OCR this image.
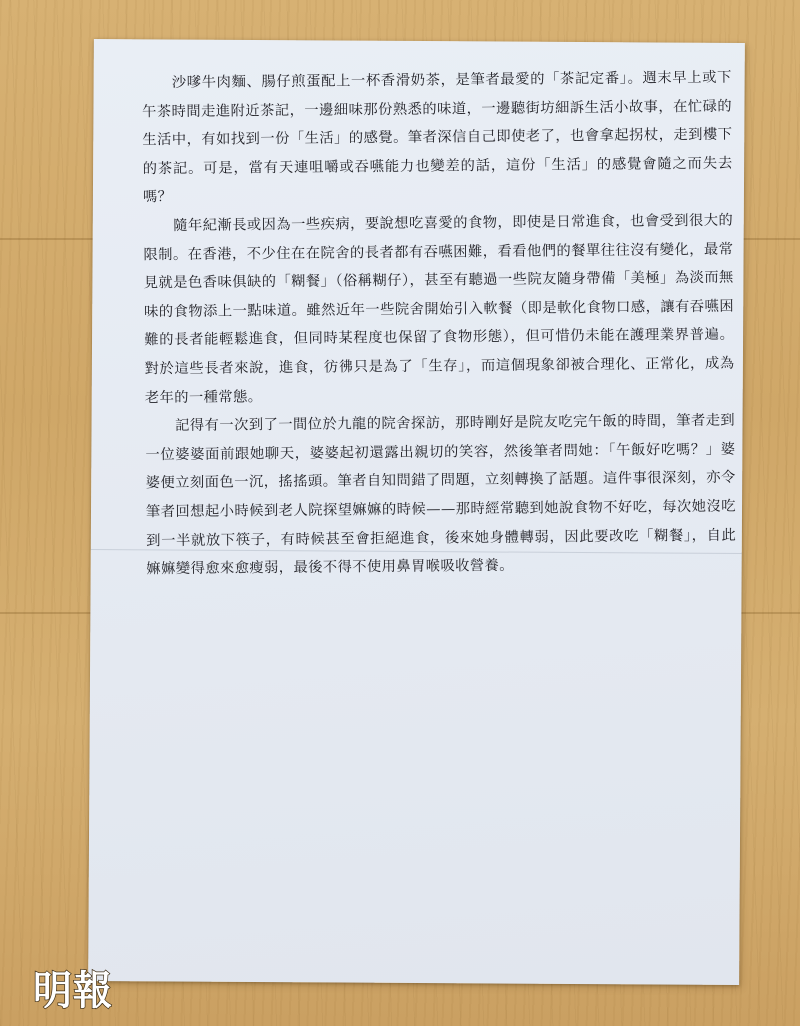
沙嗲牛肉麵、腸仔煎蛋配上一杯香滑奶茶，是筆者最愛的「茶記定番」。週末早上或下午茶時間走進附近茶記，一邊細味那份熟悉的味道，一邊聽街坊細訴生活小故事，在忙碌的生活中，有如找到一份「生活」的感覺。筆者深信自己即使老了，也會拿起拐杖，走到樓下的茶記。可是，當有天連咀嚼或吞嚥能力也變差的話，這份「生活」的感覺會隨之而失去嗎？

隨年紀漸長或因為一些疾病，要說想吃喜愛的食物，即使是日常進食，也會受到很大的限制。在香港，不少住在在院舍的長者都有吞嚥困難，看看他們的餐單往往沒有變化，最常見就是色香味俱缺的「糊餐」（俗稱糊仔），甚至有聽過一些院友隨身帶備「美極」為淡而無味的食物添上一點味道。雖然近年一些院舍開始引入軟餐（即是軟化食物口感，讓有吞嚥困難的長者能輕鬆進食，但同時某程度也保留了食物形態），但可惜仍未能在護理業界普遍。對於這些長者來說，進食，彷彿只是為了「生存」，而這個現象卻被合理化、正常化，成為老年的一種常態。

記得有一次到了一間位於九龍的院舍探訪，那時剛好是院友吃完午飯的時間，筆者走到一位婆婆面前跟她聊天，婆婆起初還露出親切的笑容，然後筆者問她：「午飯好吃嗎？」婆婆便立刻面色一沉，搖搖頭。筆者自知問錯了問題，立刻轉換了話題。這件事很深刻，亦令筆者回想起小時候到老人院探望嫲嫲的時候——那時經常聽到她說食物不好吃，每次她沒吃到一半就放下筷子，有時候甚至會拒絕進食，後來她身體轉弱，因此要改吃「糊餐」，自此嫲嫲變得愈來愈瘦弱，最後不得不使用鼻胃喉吸收營養。

明報
